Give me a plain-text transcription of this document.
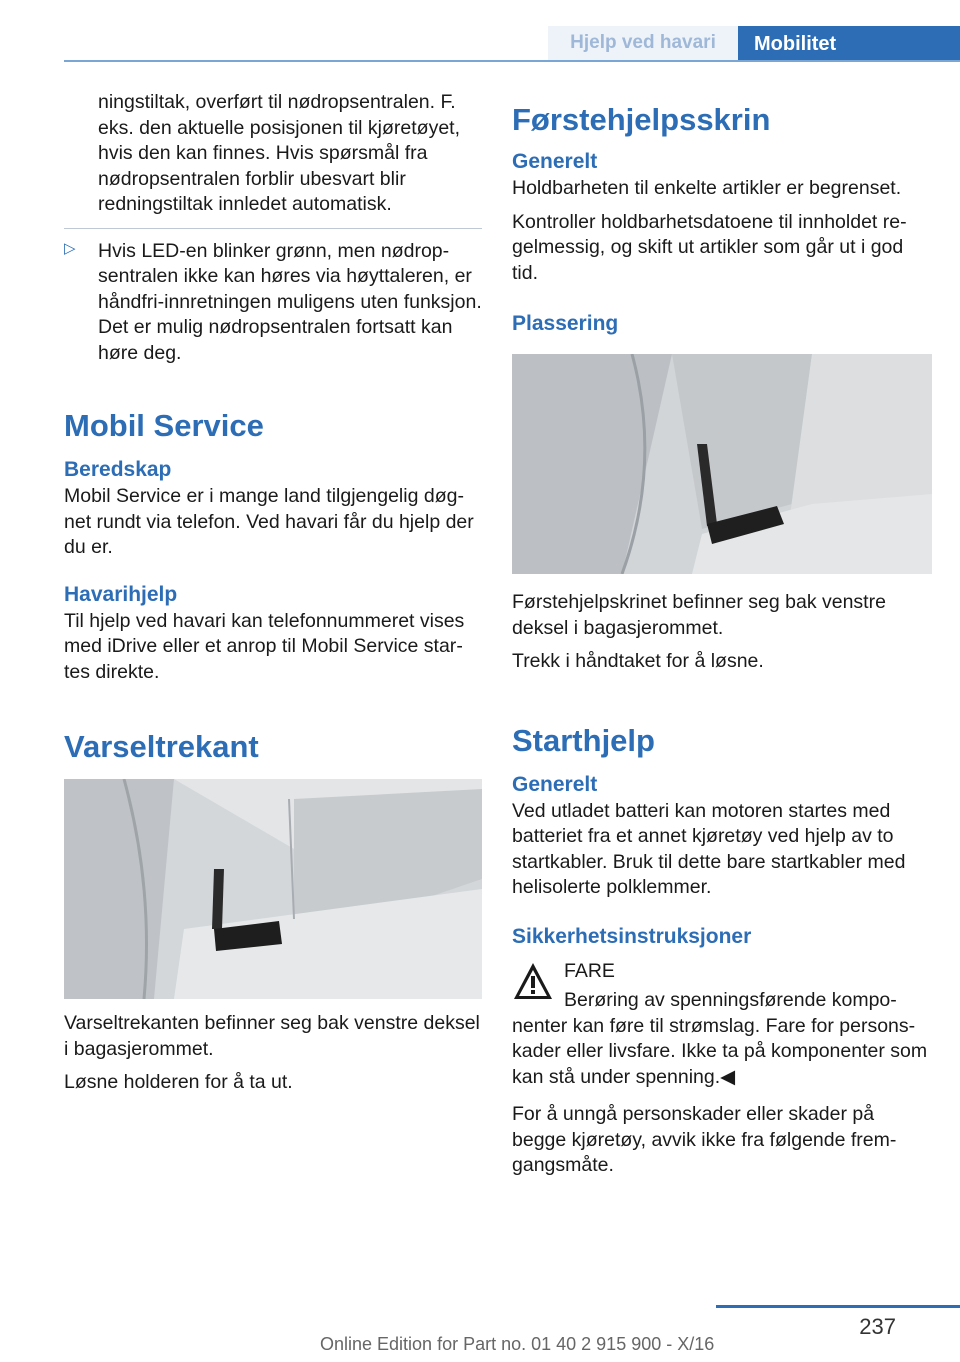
Hjelp ved havari	Mobilitet

ningstiltak, overført til nødropsentralen. F. eks. den aktuelle posisjonen til kjøretøyet, hvis den kan finnes. Hvis spørsmål fra nødropsentralen forblir ubesvart blir redningstiltak innledet automatisk.

▷ Hvis LED-en blinker grønn, men nødropsentralen ikke kan høres via høyttaleren, er håndfri-innretningen muligens uten funksjon. Det er mulig nødropsentralen fortsatt kan høre deg.

Mobil Service
Beredskap

Mobil Service er i mange land tilgjengelig døgnet rundt via telefon. Ved havari får du hjelp der du er.

Havarihjelp

Til hjelp ved havari kan telefonnummeret vises med iDrive eller et anrop til Mobil Service startes direkte.

Varseltrekant

Varseltrekanten befinner seg bak venstre deksel i bagasjerommet.

Løsne holderen for å ta ut.

Førstehjelpsskrin
Generelt

Holdbarheten til enkelte artikler er begrenset.

Kontroller holdbarhetsdatoene til innholdet regelmessig, og skift ut artikler som går ut i god tid.

Plassering

Førstehjelpskrinet befinner seg bak venstre deksel i bagasjerommet.

Trekk i håndtaket for å løsne.

Starthjelp
Generelt

Ved utladet batteri kan motoren startes med batteriet fra et annet kjøretøy ved hjelp av to startkabler. Bruk til dette bare startkabler med helisolerte polklemmer.

Sikkerhetsinstruksjoner

FARE

Berøring av spenningsførende komponenter kan føre til strømslag. Fare for personskader eller livsfare. Ikke ta på komponenter som kan stå under spenning.◀

For å unngå personskader eller skader på begge kjøretøy, avvik ikke fra følgende fremgangsmåte.

237
Online Edition for Part no. 01 40 2 915 900 - X/16
